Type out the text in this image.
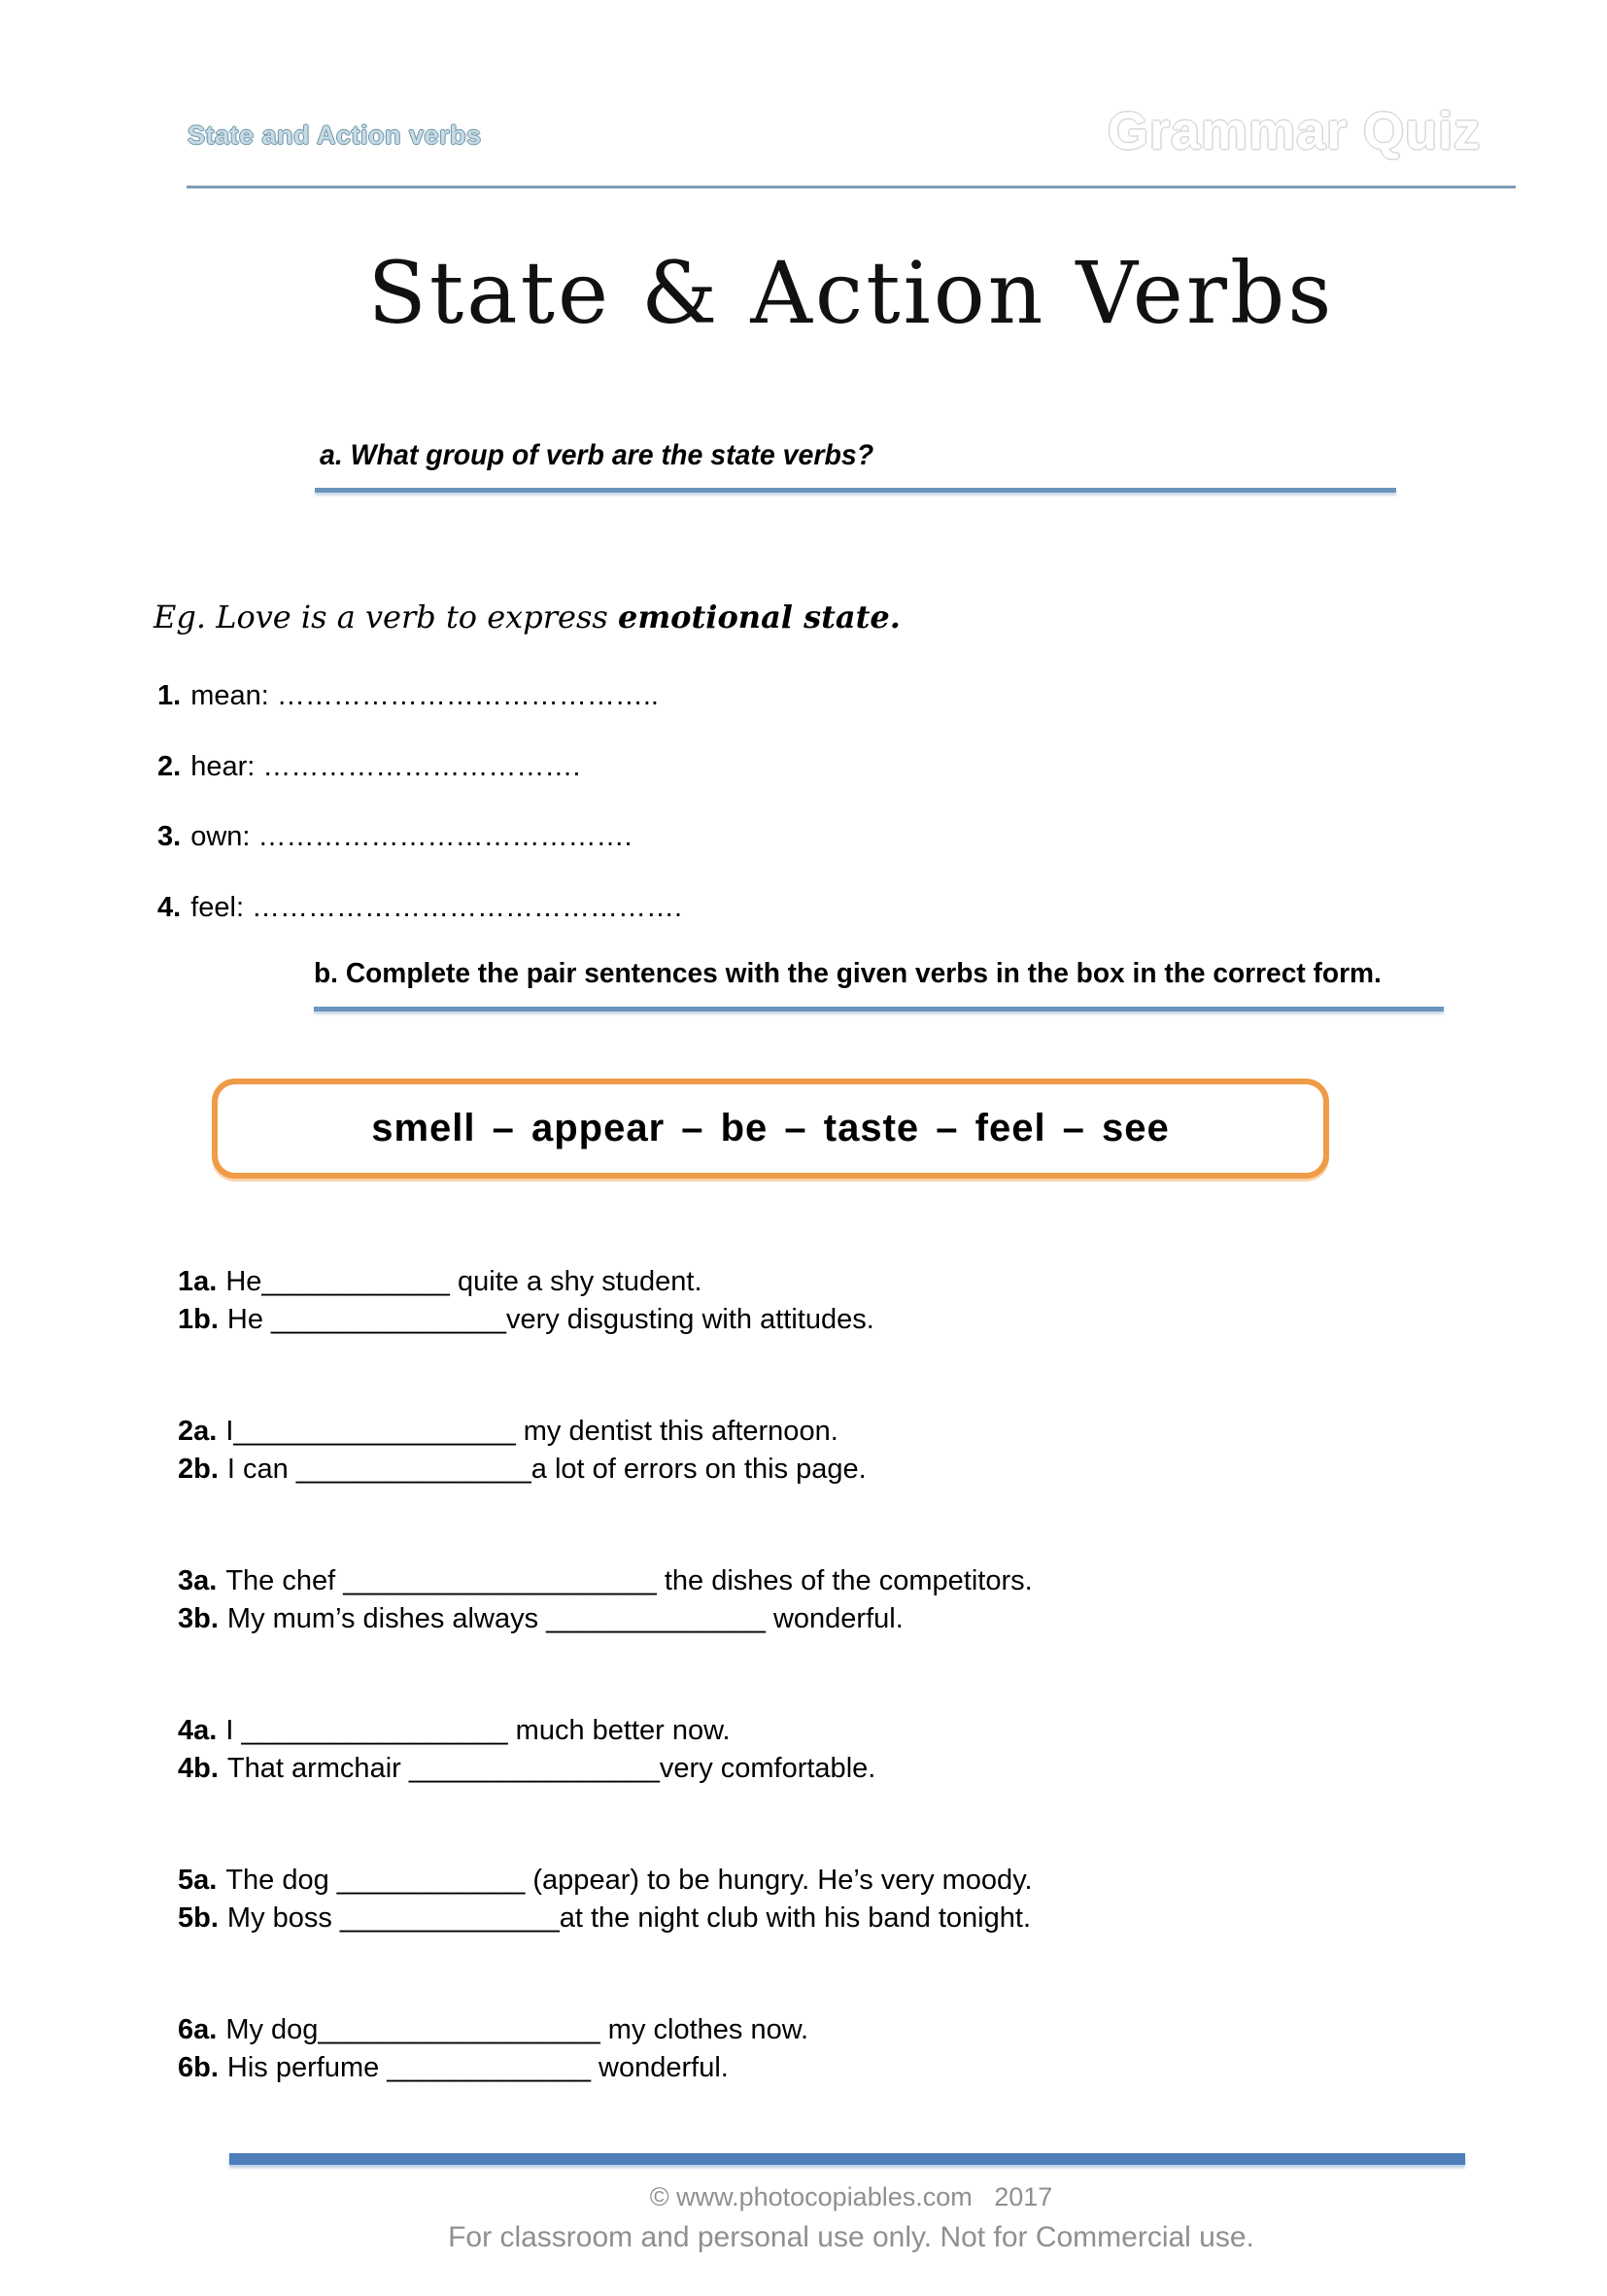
State and Action verbs	Grammar Quiz
State & Action Verbs
a. What group of verb are the state verbs?
Eg. Love is a verb to express emotional state.
1. mean: …………………………………..
2. hear: …………………………….
3. own: ………………………………….
4. feel: ……………………………………….
b. Complete the pair sentences with the given verbs in the box in the correct form.
smell – appear – be – taste – feel – see
1a. He____________ quite a shy student.
1b. He _______________very disgusting with attitudes.
2a. I__________________ my dentist this afternoon.
2b. I can _______________a lot of errors on this page.
3a. The chef ____________________ the dishes of the competitors.
3b. My mum’s dishes always ______________ wonderful.
4a. I _________________ much better now.
4b. That armchair ________________very comfortable.
5a. The dog ____________ (appear) to be hungry. He’s very moody.
5b. My boss ______________at the night club with his band tonight.
6a. My dog__________________ my clothes now.
6b. His perfume _____________ wonderful.
© www.photocopiables.com   2017
For classroom and personal use only. Not for Commercial use.
